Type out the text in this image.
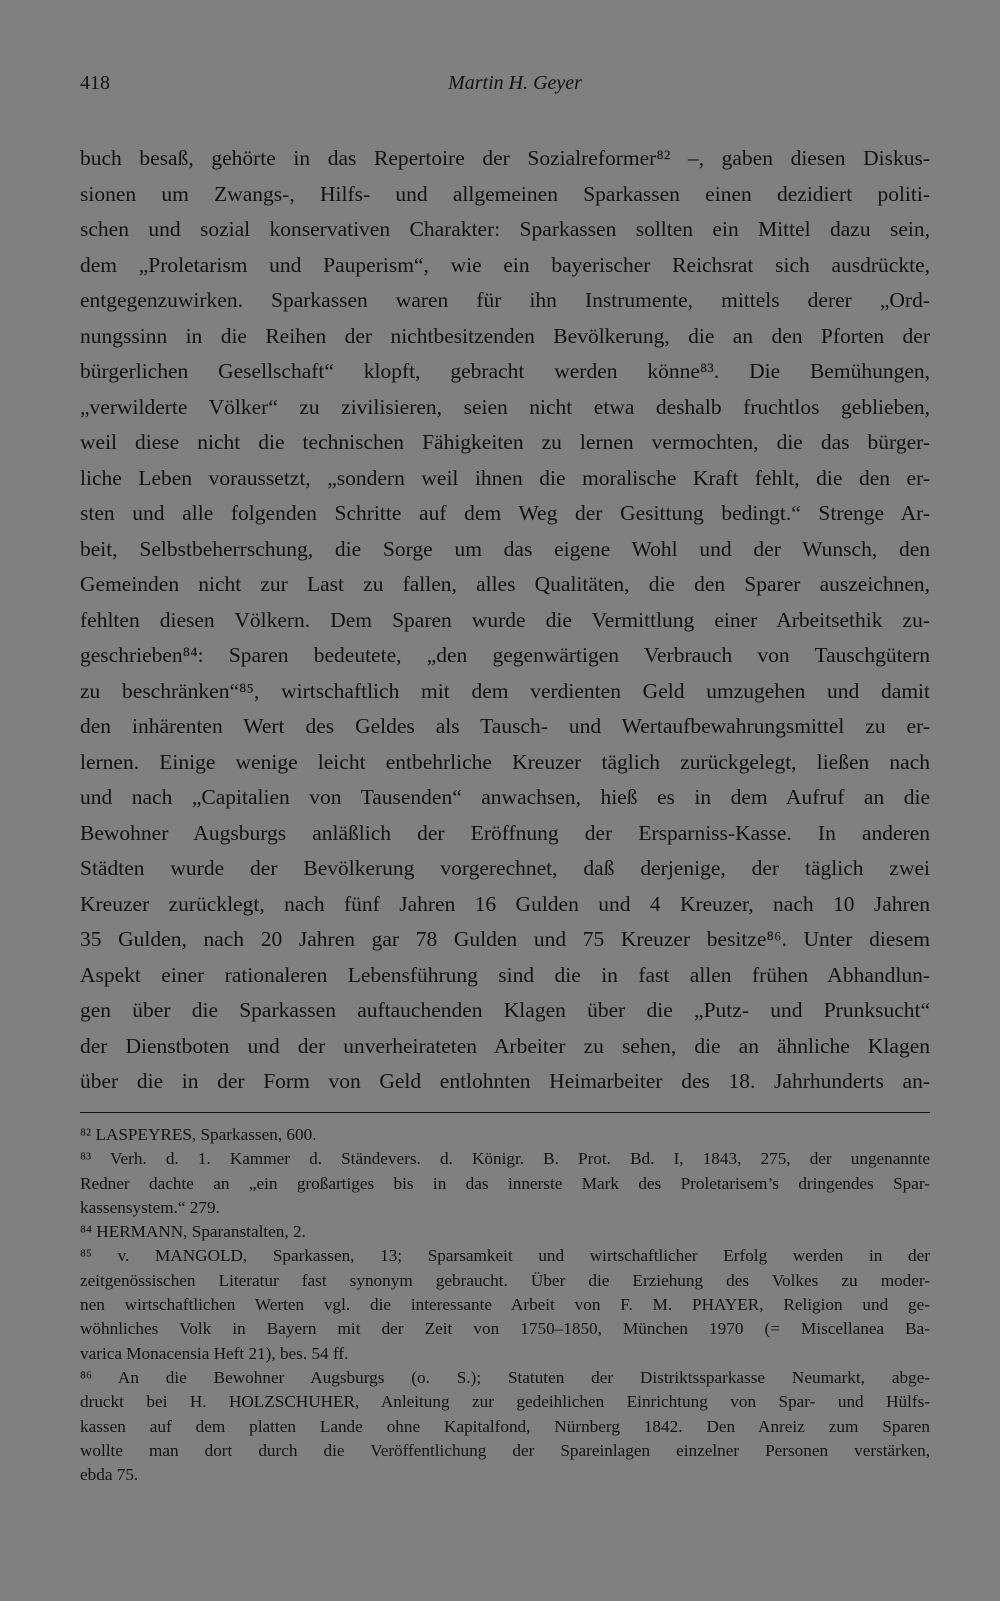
418	Martin H. Geyer
buch besaß, gehörte in das Repertoire der Sozialreformer⁸² –, gaben diesen Diskus-
sionen um Zwangs-, Hilfs- und allgemeinen Sparkassen einen dezidiert politi-
schen und sozial konservativen Charakter: Sparkassen sollten ein Mittel dazu sein,
dem „Proletarism und Pauperism“, wie ein bayerischer Reichsrat sich ausdrückte,
entgegenzuwirken. Sparkassen waren für ihn Instrumente, mittels derer „Ord-
nungssinn in die Reihen der nichtbesitzenden Bevölkerung, die an den Pforten der
bürgerlichen Gesellschaft“ klopft, gebracht werden könne⁸³. Die Bemühungen,
„verwilderte Völker“ zu zivilisieren, seien nicht etwa deshalb fruchtlos geblieben,
weil diese nicht die technischen Fähigkeiten zu lernen vermochten, die das bürger-
liche Leben voraussetzt, „sondern weil ihnen die moralische Kraft fehlt, die den er-
sten und alle folgenden Schritte auf dem Weg der Gesittung bedingt.“ Strenge Ar-
beit, Selbstbeherrschung, die Sorge um das eigene Wohl und der Wunsch, den
Gemeinden nicht zur Last zu fallen, alles Qualitäten, die den Sparer auszeichnen,
fehlten diesen Völkern. Dem Sparen wurde die Vermittlung einer Arbeitsethik zu-
geschrieben⁸⁴: Sparen bedeutete, „den gegenwärtigen Verbrauch von Tauschgütern
zu beschränken“⁸⁵, wirtschaftlich mit dem verdienten Geld umzugehen und damit
den inhärenten Wert des Geldes als Tausch- und Wertaufbewahrungsmittel zu er-
lernen. Einige wenige leicht entbehrliche Kreuzer täglich zurückgelegt, ließen nach
und nach „Capitalien von Tausenden“ anwachsen, hieß es in dem Aufruf an die
Bewohner Augsburgs anläßlich der Eröffnung der Ersparniss-Kasse. In anderen
Städten wurde der Bevölkerung vorgerechnet, daß derjenige, der täglich zwei
Kreuzer zurücklegt, nach fünf Jahren 16 Gulden und 4 Kreuzer, nach 10 Jahren
35 Gulden, nach 20 Jahren gar 78 Gulden und 75 Kreuzer besitze⁸⁶. Unter diesem
Aspekt einer rationaleren Lebensführung sind die in fast allen frühen Abhandlun-
gen über die Sparkassen auftauchenden Klagen über die „Putz- und Prunksucht“
der Dienstboten und der unverheirateten Arbeiter zu sehen, die an ähnliche Klagen
über die in der Form von Geld entlohnten Heimarbeiter des 18. Jahrhunderts an-
⁸² LASPEYRES, Sparkassen, 600.
⁸³ Verh. d. 1. Kammer d. Ständevers. d. Königr. B. Prot. Bd. I, 1843, 275, der ungenannte
Redner dachte an „ein großartiges bis in das innerste Mark des Proletarisem’s dringendes Spar-
kassensystem.“ 279.
⁸⁴ HERMANN, Sparanstalten, 2.
⁸⁵ v. MANGOLD, Sparkassen, 13; Sparsamkeit und wirtschaftlicher Erfolg werden in der
zeitgenössischen Literatur fast synonym gebraucht. Über die Erziehung des Volkes zu moder-
nen wirtschaftlichen Werten vgl. die interessante Arbeit von F. M. PHAYER, Religion und ge-
wöhnliches Volk in Bayern mit der Zeit von 1750–1850, München 1970 (= Miscellanea Ba-
varica Monacensia Heft 21), bes. 54 ff.
⁸⁶ An die Bewohner Augsburgs (o. S.); Statuten der Distriktssparkasse Neumarkt, abge-
druckt bei H. HOLZSCHUHER, Anleitung zur gedeihlichen Einrichtung von Spar- und Hülfs-
kassen auf dem platten Lande ohne Kapitalfond, Nürnberg 1842. Den Anreiz zum Sparen
wollte man dort durch die Veröffentlichung der Spareinlagen einzelner Personen verstärken,
ebda 75.
